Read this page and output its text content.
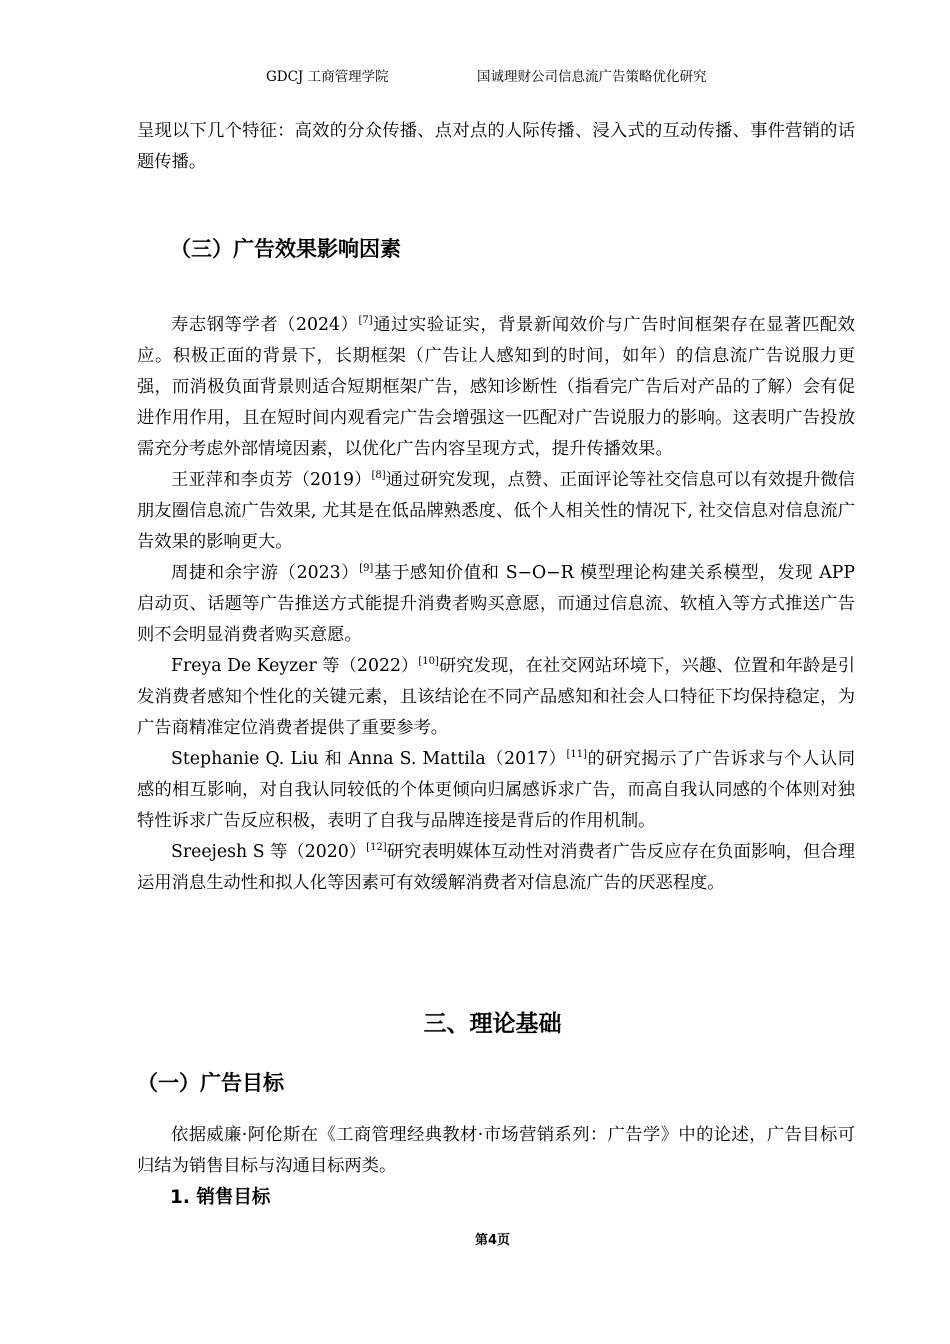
GDCJ 工商管理学院	国诚理财公司信息流广告策略优化研究

呈现以下几个特征：高效的分众传播、点对点的人际传播、浸入式的互动传播、事件营销的话题传播。

（三）广告效果影响因素

寿志钢等学者（2024）[7]通过实验证实，背景新闻效价与广告时间框架存在显著匹配效应。积极正面的背景下，长期框架（广告让人感知到的时间，如年）的信息流广告说服力更强，而消极负面背景则适合短期框架广告，感知诊断性（指看完广告后对产品的了解）会有促进作用作用，且在短时间内观看完广告会增强这一匹配对广告说服力的影响。这表明广告投放需充分考虑外部情境因素，以优化广告内容呈现方式，提升传播效果。

王亚萍和李贞芳（2019）[8]通过研究发现，点赞、正面评论等社交信息可以有效提升微信朋友圈信息流广告效果, 尤其是在低品牌熟悉度、低个人相关性的情况下, 社交信息对信息流广告效果的影响更大。

周捷和余宇游（2023）[9]基于感知价值和 S−O−R 模型理论构建关系模型，发现 APP 启动页、话题等广告推送方式能提升消费者购买意愿，而通过信息流、软植入等方式推送广告则不会明显消费者购买意愿。

Freya De Keyzer 等（2022）[10]研究发现，在社交网站环境下，兴趣、位置和年龄是引发消费者感知个性化的关键元素，且该结论在不同产品感知和社会人口特征下均保持稳定，为广告商精准定位消费者提供了重要参考。

Stephanie Q. Liu 和 Anna S. Mattila（2017）[11]的研究揭示了广告诉求与个人认同感的相互影响，对自我认同较低的个体更倾向归属感诉求广告，而高自我认同感的个体则对独特性诉求广告反应积极，表明了自我与品牌连接是背后的作用机制。

Sreejesh S 等（2020）[12]研究表明媒体互动性对消费者广告反应存在负面影响，但合理运用消息生动性和拟人化等因素可有效缓解消费者对信息流广告的厌恶程度。

三、理论基础
（一）广告目标

依据威廉·阿伦斯在《工商管理经典教材·市场营销系列：广告学》中的论述，广告目标可归结为销售目标与沟通目标两类。

1. 销售目标
第4页
